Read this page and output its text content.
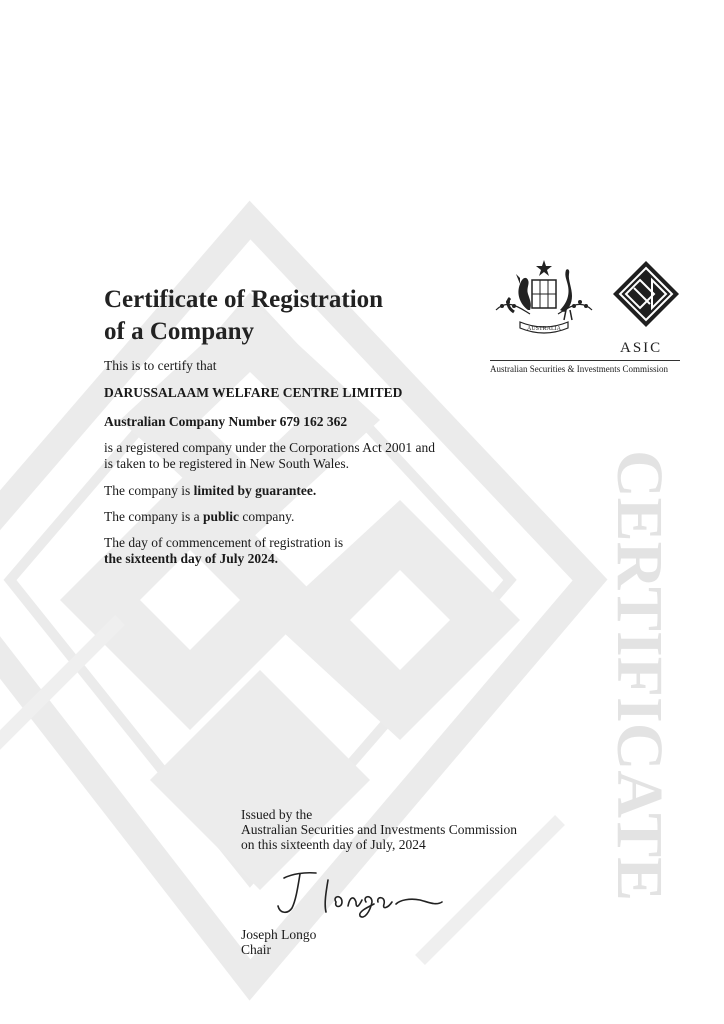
Certificate of Registration
of a Company

This is to certify that

DARUSSALAAM WELFARE CENTRE LIMITED

Australian Company Number 679 162 362

is a registered company under the Corporations Act 2001 and
is taken to be registered in New South Wales.

The company is limited by guarantee.

The company is a public company.

The day of commencement of registration is
the sixteenth day of July 2024.

AUSTRALIA
ASIC
Australian Securities & Investments Commission
CERTIFICATE

Issued by the
Australian Securities and Investments Commission
on this sixteenth day of July, 2024

Joseph Longo
Chair
